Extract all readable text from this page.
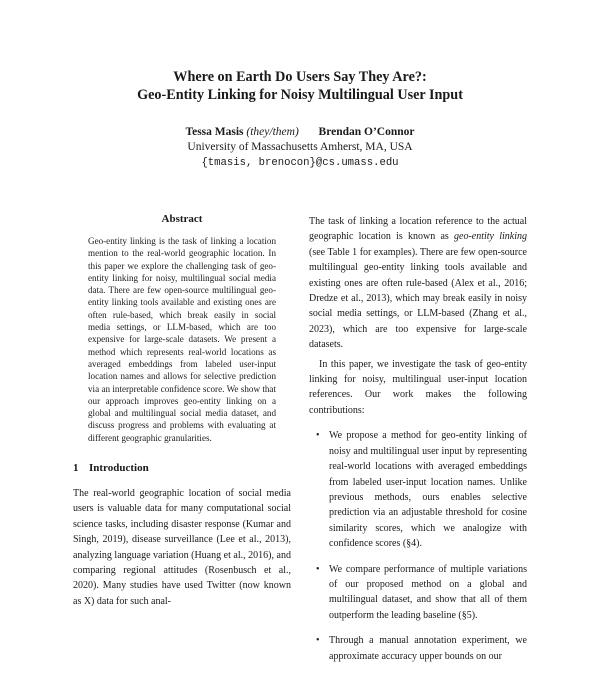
Where on Earth Do Users Say They Are?:
Geo-Entity Linking for Noisy Multilingual User Input
Tessa Masis (they/them) Brendan O’Connor
University of Massachusetts Amherst, MA, USA
{tmasis, brenocon}@cs.umass.edu
Abstract
Geo-entity linking is the task of linking a location mention to the real-world geographic location. In this paper we explore the challenging task of geo-entity linking for noisy, multilingual social media data. There are few open-source multilingual geo-entity linking tools available and existing ones are often rule-based, which break easily in social media settings, or LLM-based, which are too expensive for large-scale datasets. We present a method which represents real-world locations as averaged embeddings from labeled user-input location names and allows for selective prediction via an interpretable confidence score. We show that our approach improves geo-entity linking on a global and multilingual social media dataset, and discuss progress and problems with evaluating at different geographic granularities.
1 Introduction
The real-world geographic location of social media users is valuable data for many computational social science tasks, including disaster response (Kumar and Singh, 2019), disease surveillance (Lee et al., 2013), analyzing language variation (Huang et al., 2016), and comparing regional attitudes (Rosenbusch et al., 2020). Many studies have used Twitter (now known as X) data for such anal-

The task of linking a location reference to the actual geographic location is known as geo-entity linking (see Table 1 for examples). There are few open-source multilingual geo-entity linking tools available and existing ones are often rule-based (Alex et al., 2016; Dredze et al., 2013), which may break easily in noisy social media settings, or LLM-based (Zhang et al., 2023), which are too expensive for large-scale datasets.

In this paper, we investigate the task of geo-entity linking for noisy, multilingual user-input location references. Our work makes the following contributions:

• We propose a method for geo-entity linking of noisy and multilingual user input by representing real-world locations with averaged embeddings from labeled user-input location names. Unlike previous methods, ours enables selective prediction via an adjustable threshold for cosine similarity scores, which we analogize with confidence scores (§4).
• We compare performance of multiple variations of our proposed method on a global and multilingual dataset, and show that all of them outperform the leading baseline (§5).
• Through a manual annotation experiment, we approximate accuracy upper bounds on our
